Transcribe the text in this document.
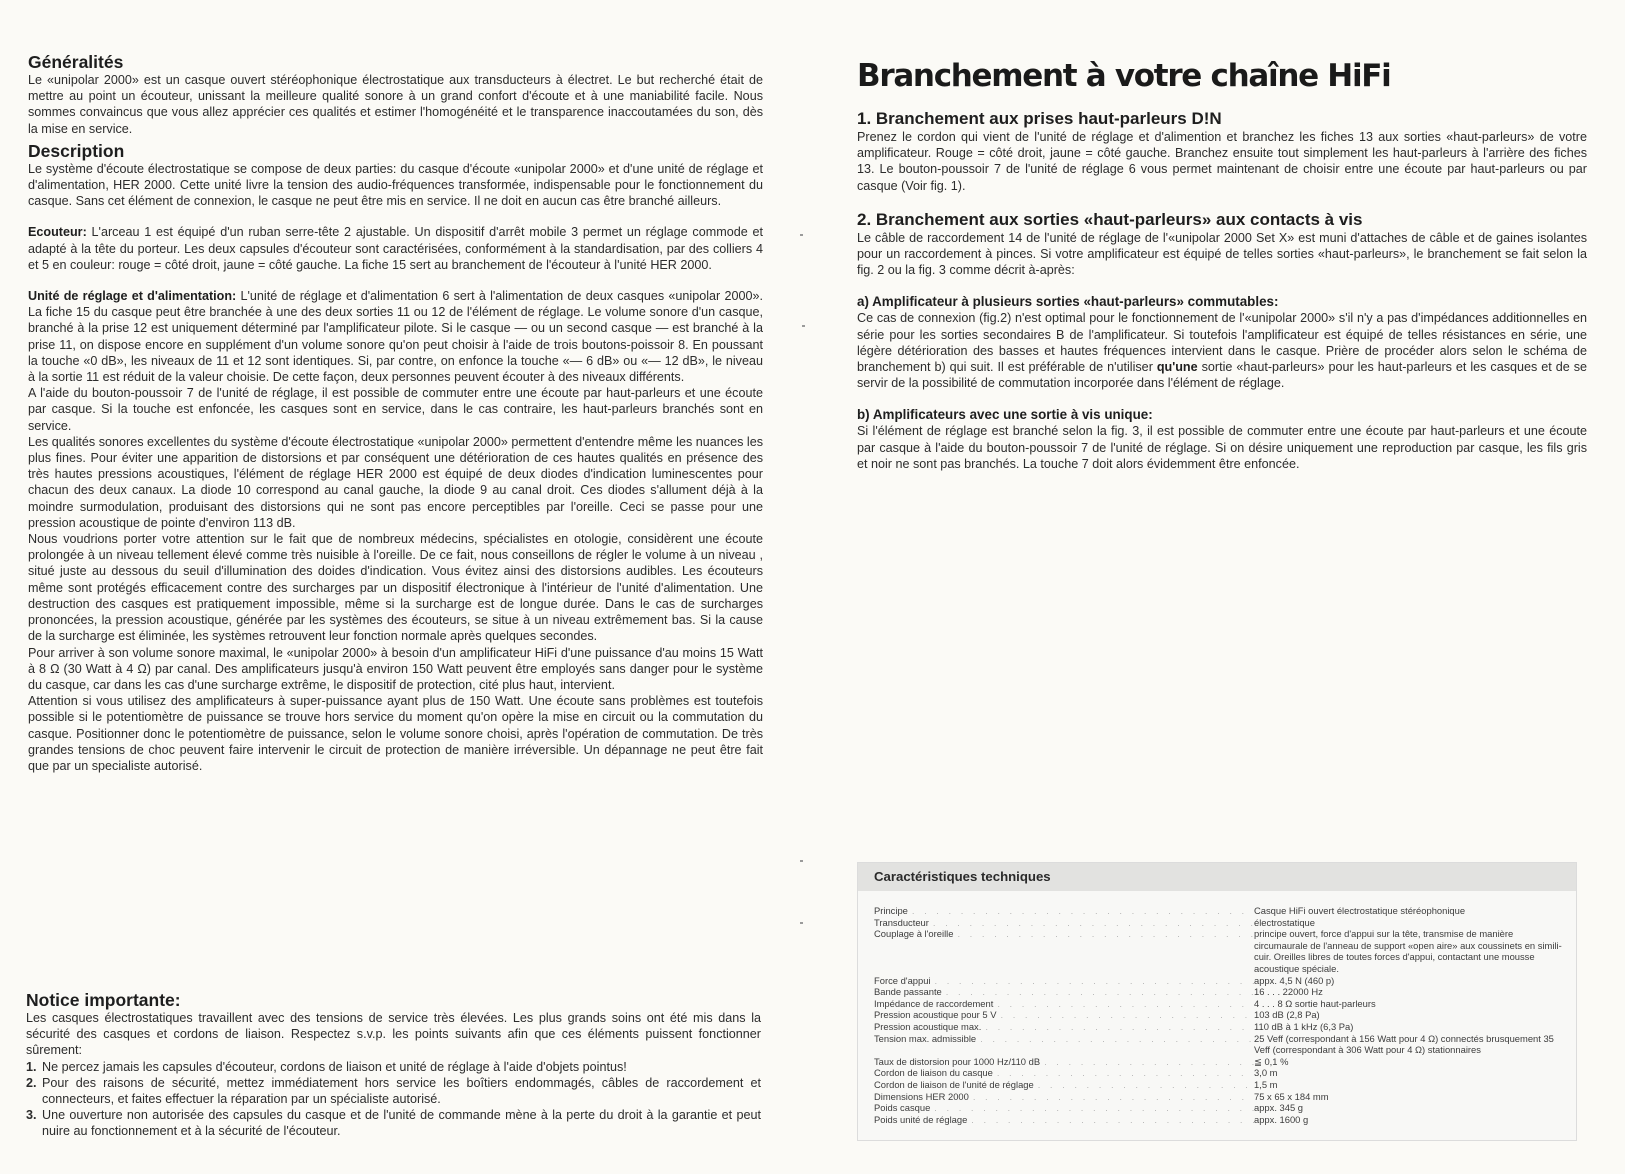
Généralités

Le «unipolar 2000» est un casque ouvert stéréophonique électrostatique aux transducteurs à électret. Le but recherché était de mettre au point un écouteur, unissant la meilleure qualité sonore à un grand confort d'écoute et à une maniabilité facile. Nous sommes convaincus que vous allez apprécier ces qualités et estimer l'homogénéité et le transparence inaccoutamées du son, dès la mise en service.

Description

Le système d'écoute électrostatique se compose de deux parties: du casque d'écoute «unipolar 2000» et d'une unité de réglage et d'alimentation, HER 2000. Cette unité livre la tension des audio-fréquences transformée, indispensable pour le fonctionnement du casque. Sans cet élément de connexion, le casque ne peut être mis en service. Il ne doit en aucun cas être branché ailleurs.

Ecouteur: L'arceau 1 est équipé d'un ruban serre-tête 2 ajustable. Un dispositif d'arrêt mobile 3 permet un réglage commode et adapté à la tête du porteur. Les deux capsules d'écouteur sont caractérisées, conformément à la standardisation, par des colliers 4 et 5 en couleur: rouge = côté droit, jaune = côté gauche. La fiche 15 sert au branchement de l'écouteur à l'unité HER 2000.

Unité de réglage et d'alimentation: L'unité de réglage et d'alimentation 6 sert à l'alimentation de deux casques «unipolar 2000». La fiche 15 du casque peut être branchée à une des deux sorties 11 ou 12 de l'élément de réglage. Le volume sonore d'un casque, branché à la prise 12 est uniquement déterminé par l'amplificateur pilote. Si le casque — ou un second casque — est branché à la prise 11, on dispose encore en supplément d'un volume sonore qu'on peut choisir à l'aide de trois boutons-poissoir 8. En poussant la touche «0 dB», les niveaux de 11 et 12 sont identiques. Si, par contre, on enfonce la touche «— 6 dB» ou «— 12 dB», le niveau à la sortie 11 est réduit de la valeur choisie. De cette façon, deux personnes peuvent écouter à des niveaux différents.

A l'aide du bouton-poussoir 7 de l'unité de réglage, il est possible de commuter entre une écoute par haut-parleurs et une écoute par casque. Si la touche est enfoncée, les casques sont en service, dans le cas contraire, les haut-parleurs branchés sont en service.

Les qualités sonores excellentes du système d'écoute électrostatique «unipolar 2000» permettent d'entendre même les nuances les plus fines. Pour éviter une apparition de distorsions et par conséquent une détérioration de ces hautes qualités en présence des très hautes pressions acoustiques, l'élément de réglage HER 2000 est équipé de deux diodes d'indication luminescentes pour chacun des deux canaux. La diode 10 correspond au canal gauche, la diode 9 au canal droit. Ces diodes s'allument déjà à la moindre surmodulation, produisant des distorsions qui ne sont pas encore perceptibles par l'oreille. Ceci se passe pour une pression acoustique de pointe d'environ 113 dB.

Nous voudrions porter votre attention sur le fait que de nombreux médecins, spécialistes en otologie, considèrent une écoute prolongée à un niveau tellement élevé comme très nuisible à l'oreille. De ce fait, nous conseillons de régler le volume à un niveau , situé juste au dessous du seuil d'illumination des doides d'indication. Vous évitez ainsi des distorsions audibles. Les écouteurs même sont protégés efficacement contre des surcharges par un dispositif électronique à l'intérieur de l'unité d'alimentation. Une destruction des casques est pratiquement impossible, même si la surcharge est de longue durée. Dans le cas de surcharges prononcées, la pression acoustique, générée par les systèmes des écouteurs, se situe à un niveau extrêmement bas. Si la cause de la surcharge est éliminée, les systèmes retrouvent leur fonction normale après quelques secondes.

Pour arriver à son volume sonore maximal, le «unipolar 2000» à besoin d'un amplificateur HiFi d'une puissance d'au moins 15 Watt à 8 Ω (30 Watt à 4 Ω) par canal. Des amplificateurs jusqu'à environ 150 Watt peuvent être employés sans danger pour le système du casque, car dans les cas d'une surcharge extrême, le dispositif de protection, cité plus haut, intervient.

Attention si vous utilisez des amplificateurs à super-puissance ayant plus de 150 Watt. Une écoute sans problèmes est toutefois possible si le potentiomètre de puissance se trouve hors service du moment qu'on opère la mise en circuit ou la commutation du casque. Positionner donc le potentiomètre de puissance, selon le volume sonore choisi, après l'opération de commutation. De très grandes tensions de choc peuvent faire intervenir le circuit de protection de manière irréversible. Un dépannage ne peut être fait que par un specialiste autorisé.

Notice importante:

Les casques électrostatiques travaillent avec des tensions de service très élevées. Les plus grands soins ont été mis dans la sécurité des casques et cordons de liaison. Respectez s.v.p. les points suivants afin que ces éléments puissent fonctionner sûrement:

1. Ne percez jamais les capsules d'écouteur, cordons de liaison et unité de réglage à l'aide d'objets pointus!
2. Pour des raisons de sécurité, mettez immédiatement hors service les boîtiers endommagés, câbles de raccordement et connecteurs, et faites effectuer la réparation par un spécialiste autorisé.
3. Une ouverture non autorisée des capsules du casque et de l'unité de commande mène à la perte du droit à la garantie et peut nuire au fonctionnement et à la sécurité de l'écouteur.
Branchement à votre chaîne HiFi
1. Branchement aux prises haut-parleurs D!N

Prenez le cordon qui vient de l'unité de réglage et d'alimention et branchez les fiches 13 aux sorties «haut-parleurs» de votre amplificateur. Rouge = côté droit, jaune = côté gauche. Branchez ensuite tout simplement les haut-parleurs à l'arrière des fiches 13. Le bouton-poussoir 7 de l'unité de réglage 6 vous permet maintenant de choisir entre une écoute par haut-parleurs ou par casque (Voir fig. 1).

2. Branchement aux sorties «haut-parleurs» aux contacts à vis

Le câble de raccordement 14 de l'unité de réglage de l'«unipolar 2000 Set X» est muni d'attaches de câble et de gaines isolantes pour un raccordement à pinces. Si votre amplificateur est équipé de telles sorties «haut-parleurs», le branchement se fait selon la fig. 2 ou la fig. 3 comme décrit à-après:

a) Amplificateur à plusieurs sorties «haut-parleurs» commutables:

Ce cas de connexion (fig.2) n'est optimal pour le fonctionnement de l'«unipolar 2000» s'il n'y a pas d'impédances additionnelles en série pour les sorties secondaires B de l'amplificateur. Si toutefois l'amplificateur est équipé de telles résistances en série, une légère détérioration des basses et hautes fréquences intervient dans le casque. Prière de procéder alors selon le schéma de branchement b) qui suit. Il est préférable de n'utiliser qu'une sortie «haut-parleurs» pour les haut-parleurs et les casques et de se servir de la possibilité de commutation incorporée dans l'élément de réglage.

b) Amplificateurs avec une sortie à vis unique:

Si l'élément de réglage est branché selon la fig. 3, il est possible de commuter entre une écoute par haut-parleurs et une écoute par casque à l'aide du bouton-poussoir 7 de l'unité de réglage. Si on désire uniquement une reproduction par casque, les fils gris et noir ne sont pas branchés. La touche 7 doit alors évidemment être enfoncée.

Caractéristiques techniques
Principe . . .	Casque HiFi ouvert électrostatique stéréophonique
Transducteur . . .	électrostatique
Couplage à l'oreille . . .	principe ouvert, force d'appui sur la tête, transmise de manière circumaurale de l'anneau de support «open aire» aux coussinets en simili-cuir. Oreilles libres de toutes forces d'appui, contactant une mousse acoustique spéciale.
Force d'appui . . .	appx. 4,5 N (460 p)
Bande passante . . .	16 . . . 22000 Hz
Impédance de raccordement . . .	4 . . . 8 Ω sortie haut-parleurs
Pression acoustique pour 5 V . . .	103 dB (2,8 Pa)
Pression acoustique max. . . .	110 dB à 1 kHz (6,3 Pa)
Tension max. admissible . . .	25 Veff (correspondant à 156 Watt pour 4 Ω) connectés brusquement 35 Veff (correspondant à 306 Watt pour 4 Ω) stationnaires
Taux de distorsion pour 1000 Hz/110 dB . . .	≦ 0,1 %
Cordon de liaison du casque . . .	3,0 m
Cordon de liaison de l'unité de réglage . . .	1,5 m
Dimensions HER 2000 . . .	75 x 65 x 184 mm
Poids casque . . .	appx. 345 g
Poids unité de réglage . . .	appx. 1600 g
